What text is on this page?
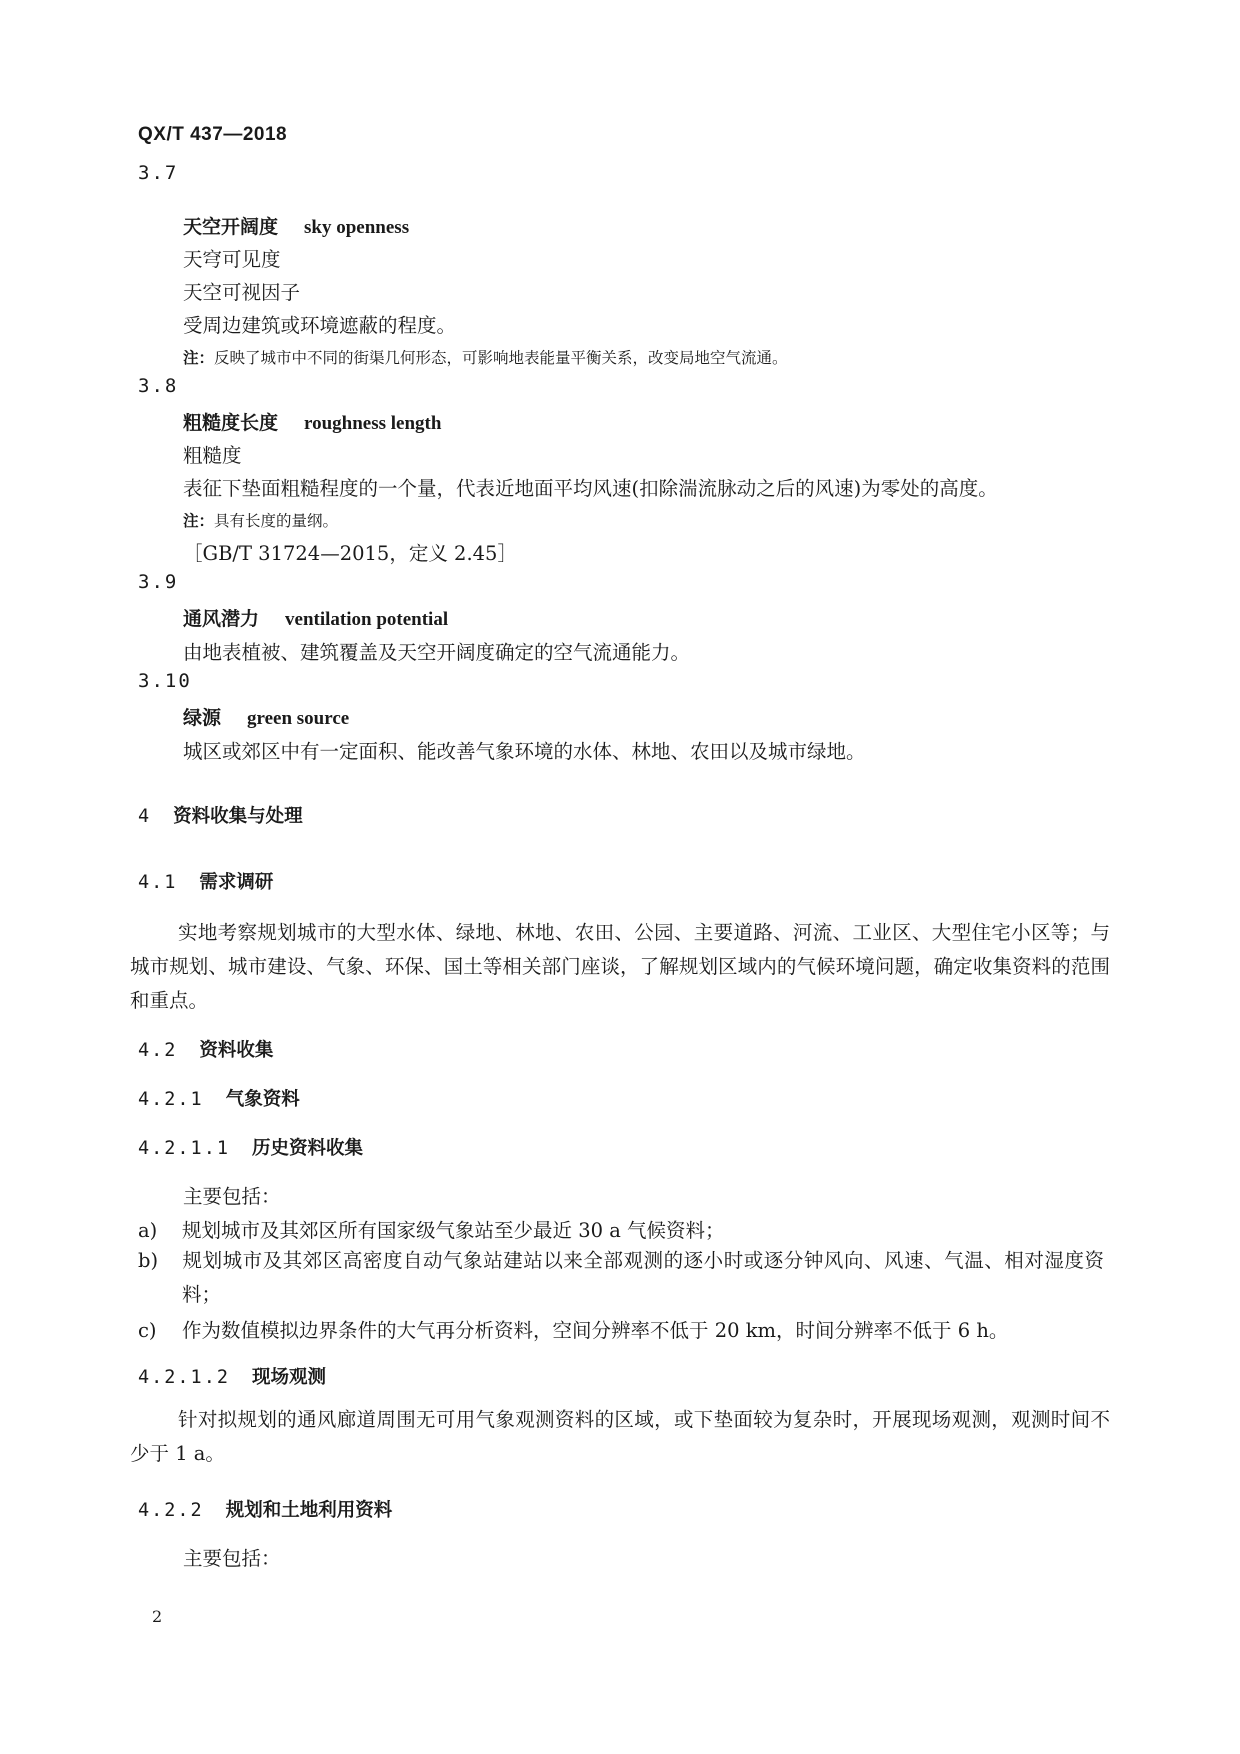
QX/T 437—2018
3.7
天空开阔度 sky openness
天穹可见度
天空可视因子
受周边建筑或环境遮蔽的程度。
注：反映了城市中不同的街渠几何形态，可影响地表能量平衡关系，改变局地空气流通。
3.8
粗糙度长度 roughness length
粗糙度
表征下垫面粗糙程度的一个量，代表近地面平均风速(扣除湍流脉动之后的风速)为零处的高度。
注：具有长度的量纲。
［GB/T 31724—2015，定义 2.45］
3.9
通风潜力 ventilation potential
由地表植被、建筑覆盖及天空开阔度确定的空气流通能力。
3.10
绿源 green source
城区或郊区中有一定面积、能改善气象环境的水体、林地、农田以及城市绿地。
4 资料收集与处理
4.1 需求调研
实地考察规划城市的大型水体、绿地、林地、农田、公园、主要道路、河流、工业区、大型住宅小区等；与城市规划、城市建设、气象、环保、国土等相关部门座谈，了解规划区域内的气候环境问题，确定收集资料的范围和重点。
4.2 资料收集
4.2.1 气象资料
4.2.1.1 历史资料收集
主要包括：
a) 规划城市及其郊区所有国家级气象站至少最近 30 a 气候资料；
b) 规划城市及其郊区高密度自动气象站建站以来全部观测的逐小时或逐分钟风向、风速、气温、相对湿度资料；
c) 作为数值模拟边界条件的大气再分析资料，空间分辨率不低于 20 km，时间分辨率不低于 6 h。
4.2.1.2 现场观测
针对拟规划的通风廊道周围无可用气象观测资料的区域，或下垫面较为复杂时，开展现场观测，观测时间不少于 1 a。
4.2.2 规划和土地利用资料
主要包括：
2
